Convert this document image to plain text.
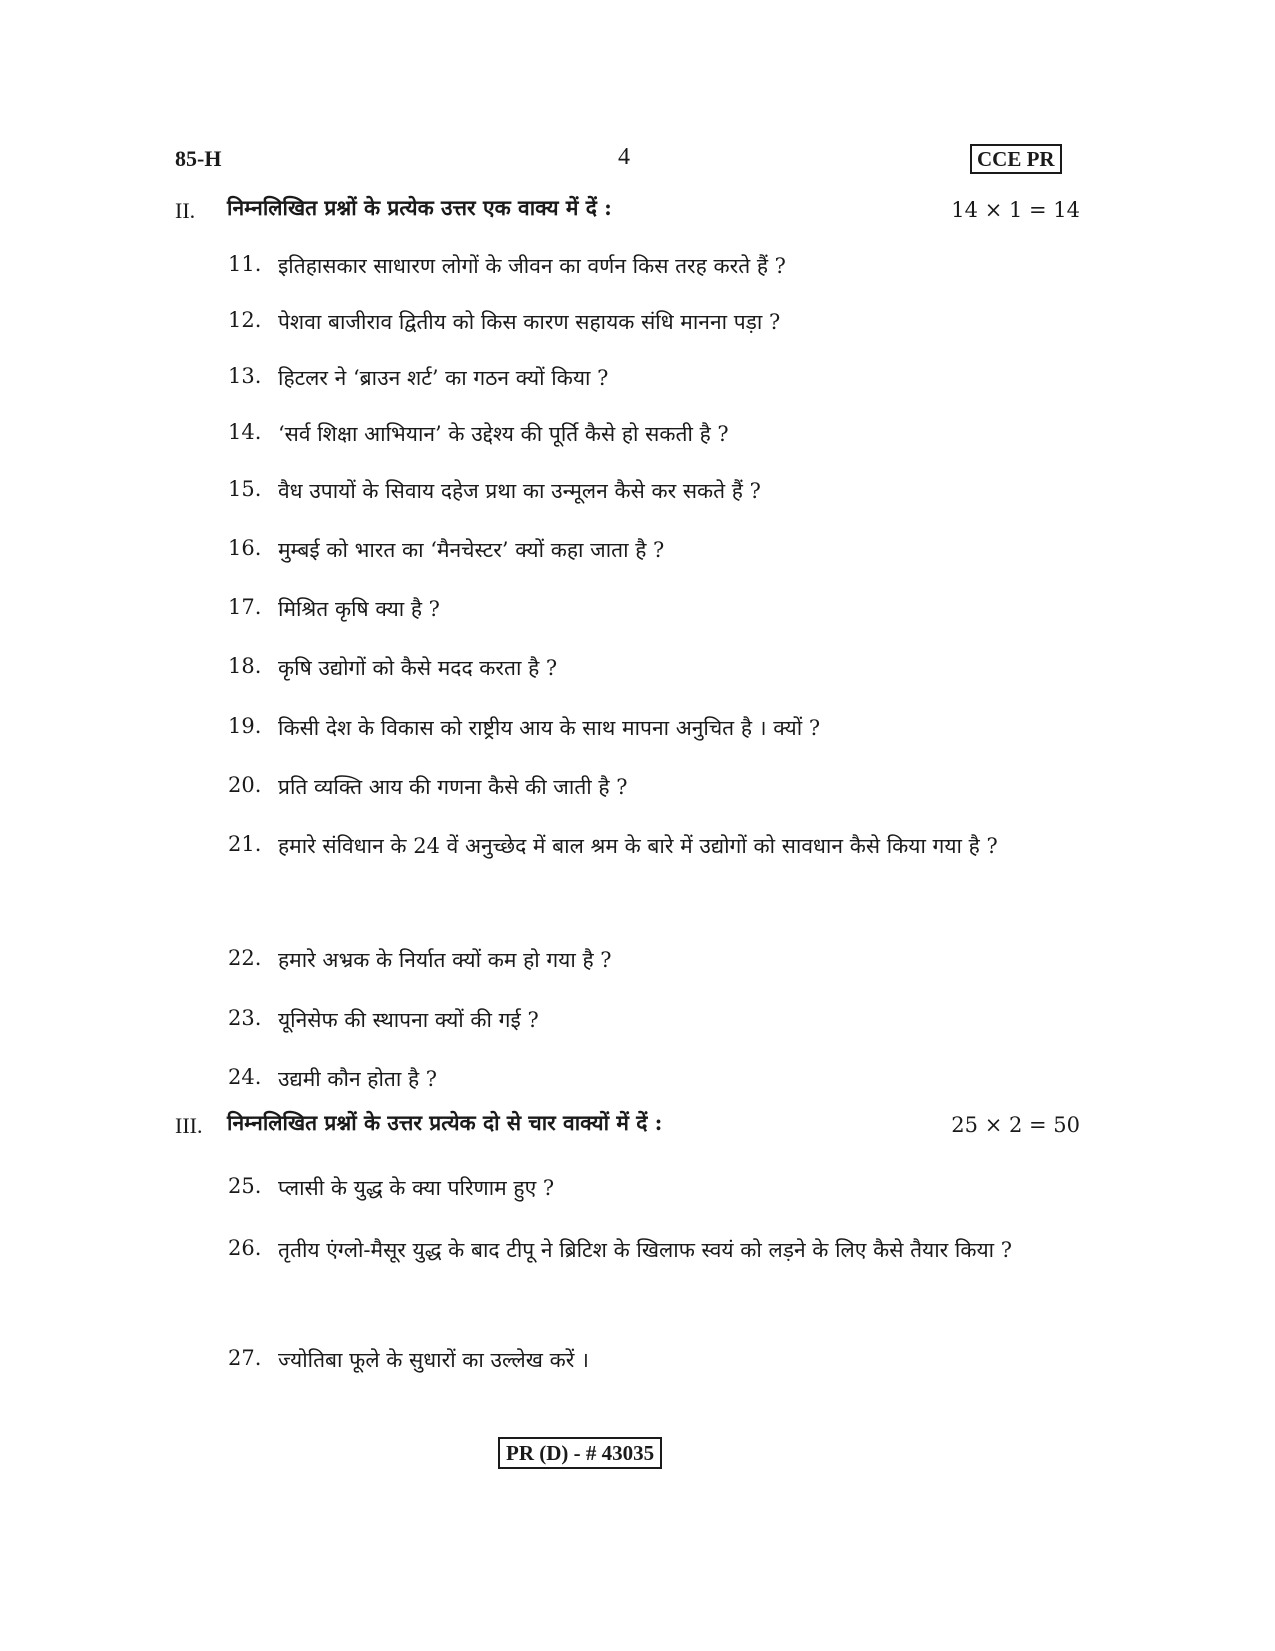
85-H	4	CCE PR
II. निम्नलिखित प्रश्नों के प्रत्येक उत्तर एक वाक्य में दें :	14 × 1 = 14
11. इतिहासकार साधारण लोगों के जीवन का वर्णन किस तरह करते हैं ?
12. पेशवा बाजीराव द्वितीय को किस कारण सहायक संधि मानना पड़ा ?
13. हिटलर ने ‘ब्राउन शर्ट’ का गठन क्यों किया ?
14. ‘सर्व शिक्षा आभियान’ के उद्देश्य की पूर्ति कैसे हो सकती है ?
15. वैध उपायों के सिवाय दहेज प्रथा का उन्मूलन कैसे कर सकते हैं ?
16. मुम्बई को भारत का ‘मैनचेस्टर’ क्यों कहा जाता है ?
17. मिश्रित कृषि क्या है ?
18. कृषि उद्योगों को कैसे मदद करता है ?
19. किसी देश के विकास को राष्ट्रीय आय के साथ मापना अनुचित है । क्यों ?
20. प्रति व्यक्ति आय की गणना कैसे की जाती है ?
21. हमारे संविधान के 24 वें अनुच्छेद में बाल श्रम के बारे में उद्योगों को सावधान कैसे किया गया है ?
22. हमारे अभ्रक के निर्यात क्यों कम हो गया है ?
23. यूनिसेफ की स्थापना क्यों की गई ?
24. उद्यमी कौन होता है ?
III. निम्नलिखित प्रश्नों के उत्तर प्रत्येक दो से चार वाक्यों में दें :	25 × 2 = 50
25. प्लासी के युद्ध के क्या परिणाम हुए ?
26. तृतीय एंग्लो-मैसूर युद्ध के बाद टीपू ने ब्रिटिश के खिलाफ स्वयं को लड़ने के लिए कैसे तैयार किया ?
27. ज्योतिबा फूले के सुधारों का उल्लेख करें ।
PR (D) - # 43035
